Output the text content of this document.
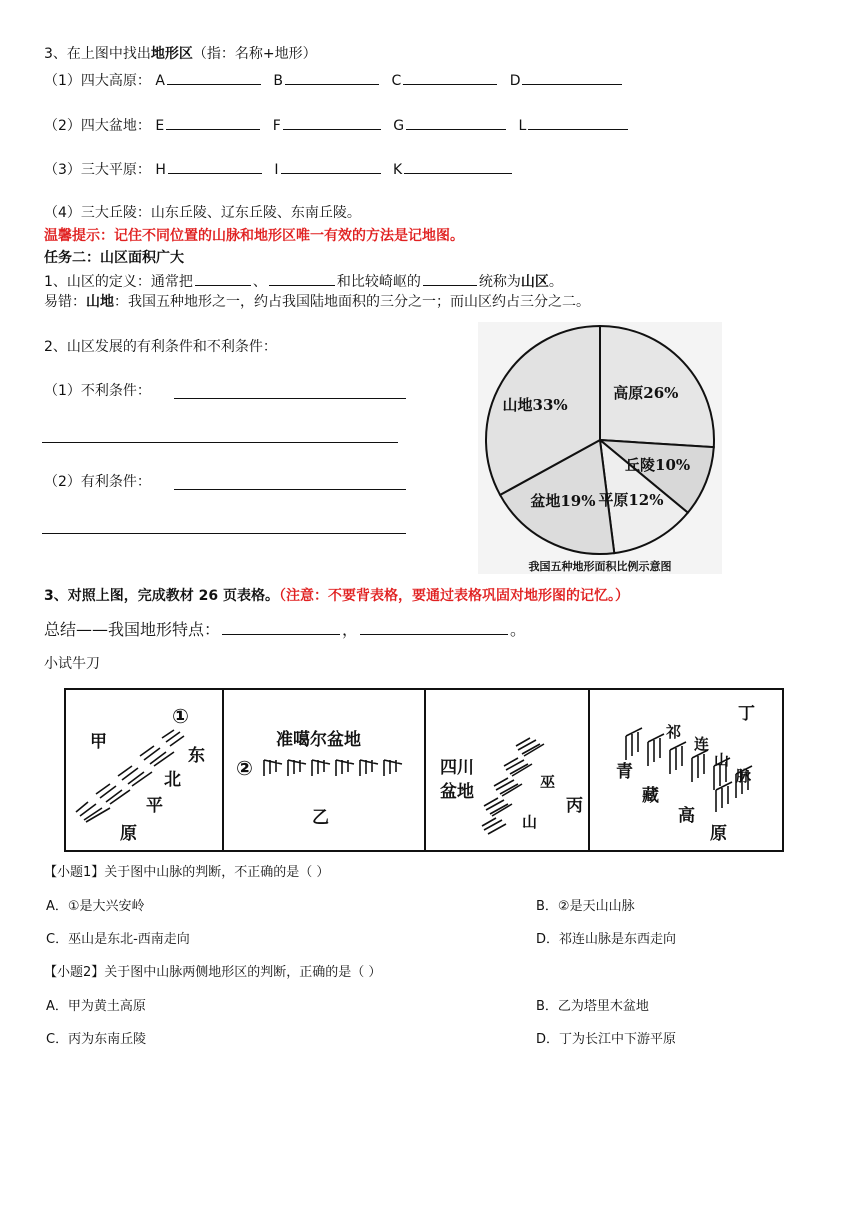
3、在上图中找出地形区（指：名称+地形）
（1）四大高原： A	B	C	D
（2）四大盆地： E	F	G	L
（3）三大平原： H	I	K
（4）三大丘陵：山东丘陵、辽东丘陵、东南丘陵。
温馨提示：记住不同位置的山脉和地形区唯一有效的方法是记地图。
任务二：山区面积广大
1、山区的定义：通常把	、	和比较崎岖的	统称为山区。
易错：山地：我国五种地形之一，约占我国陆地面积的三分之一；而山区约占三分之二。
2、山区发展的有利条件和不利条件：
（1）不利条件：
（2）有利条件：
高原26%
丘陵10%
平原12%
盆地19%
山地33%
我国五种地形面积比例示意图
3、对照上图，完成教材 26 页表格。（注意：不要背表格，要通过表格巩固对地形图的记忆。）
总结——我国地形特点：	，	。
小试牛刀
甲
①
东
北
平
原
准噶尔盆地
②
乙
四川
盆地	巫
山
丙
丁
祁
连
山
脉
青
藏
高
原
【小题1】关于图中山脉的判断，不正确的是（ ）
A．①是大兴安岭	B．②是天山山脉
C．巫山是东北-西南走向	D．祁连山脉是东西走向
【小题2】关于图中山脉两侧地形区的判断，正确的是（ ）
A．甲为黄土高原	B．乙为塔里木盆地
C．丙为东南丘陵	D．丁为长江中下游平原
